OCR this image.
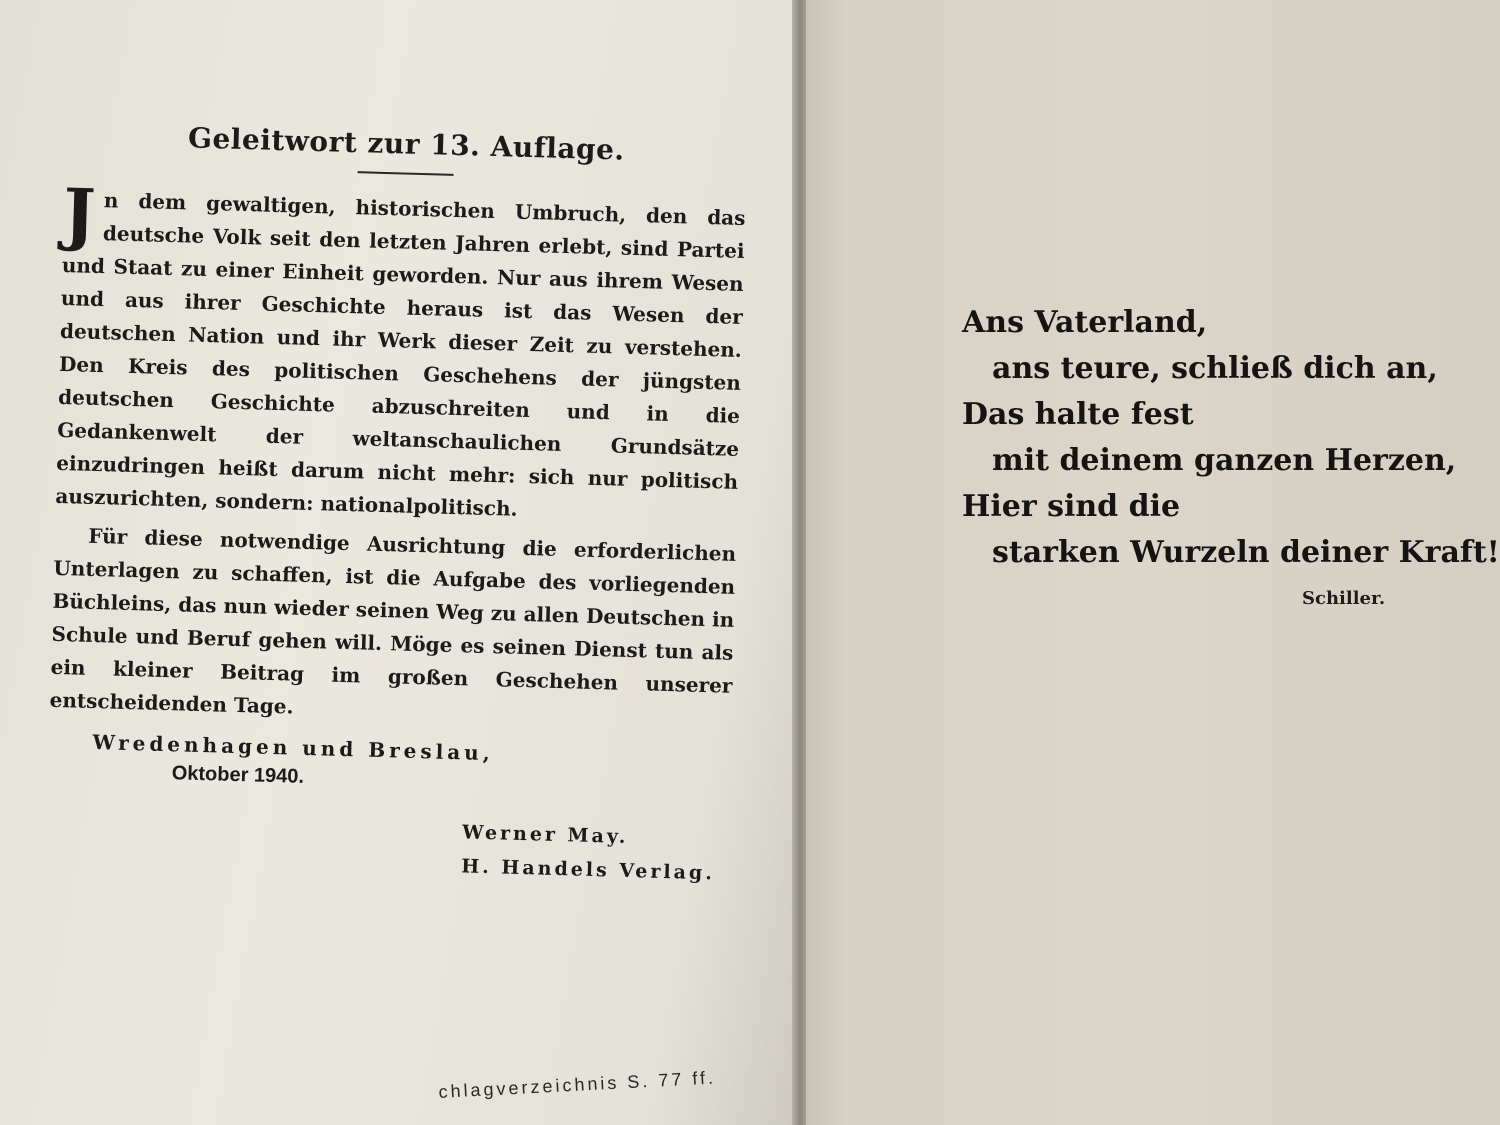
Geleitwort zur 13. Auflage.

Jn dem gewaltigen, historischen Umbruch, den das deutsche Volk seit den letzten Jahren erlebt, sind Partei und Staat zu einer Einheit geworden. Nur aus ihrem Wesen und aus ihrer Geschichte heraus ist das Wesen der deutschen Nation und ihr Werk dieser Zeit zu verstehen. Den Kreis des politischen Geschehens der jüngsten deutschen Geschichte abzuschreiten und in die Gedankenwelt der weltanschaulichen Grundsätze einzudringen heißt darum nicht mehr: sich nur politisch auszurichten, sondern: nationalpolitisch.

Für diese notwendige Ausrichtung die erforderlichen Unterlagen zu schaffen, ist die Aufgabe des vorliegenden Büchleins, das nun wieder seinen Weg zu allen Deutschen in Schule und Beruf gehen will. Möge es seinen Dienst tun als ein kleiner Beitrag im großen Geschehen unserer entscheidenden Tage.

Wredenhagen und Breslau,
Oktober 1940.
Werner May.
H. Handels Verlag.
chlagverzeichnis S. 77 ff.
Ans Vaterland,
ans teure, schließ dich an,
Das halte fest
mit deinem ganzen Herzen,
Hier sind die
starken Wurzeln deiner Kraft!
Schiller.
